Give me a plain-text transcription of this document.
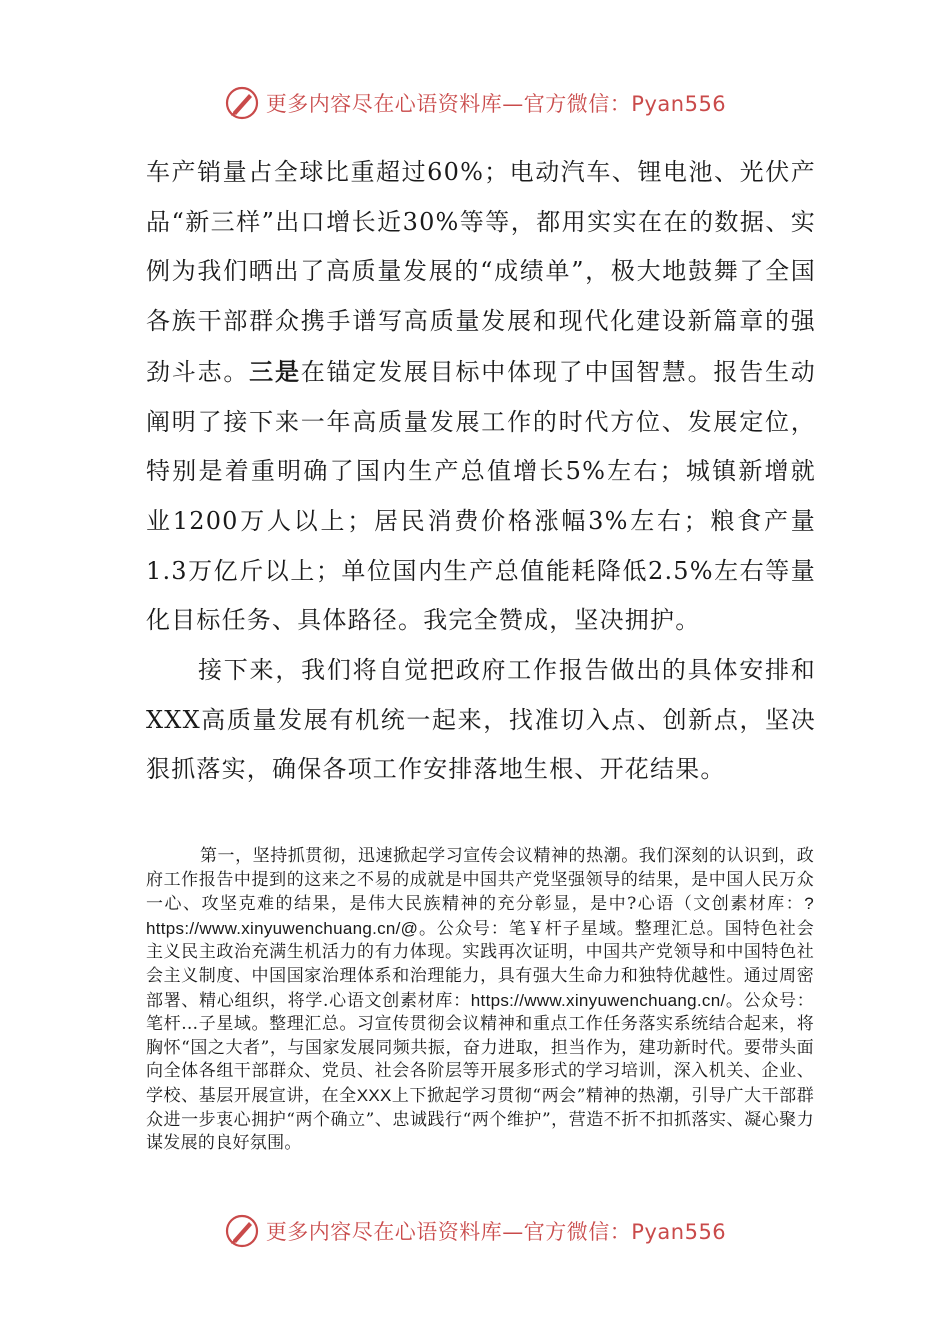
更多内容尽在心语资料库—官方微信：Pyan556

车产销量占全球比重超过60%；电动汽车、锂电池、光伏产品“新三样”出口增长近30%等等，都用实实在在的数据、实例为我们晒出了高质量发展的“成绩单”，极大地鼓舞了全国各族干部群众携手谱写高质量发展和现代化建设新篇章的强劲斗志。三是在锚定发展目标中体现了中国智慧。报告生动阐明了接下来一年高质量发展工作的时代方位、发展定位，特别是着重明确了国内生产总值增长5%左右；城镇新增就业1200万人以上；居民消费价格涨幅3%左右；粮食产量1.3万亿斤以上；单位国内生产总值能耗降低2.5%左右等量化目标任务、具体路径。我完全赞成，坚决拥护。

接下来，我们将自觉把政府工作报告做出的具体安排和XXX高质量发展有机统一起来，找准切入点、创新点，坚决狠抓落实，确保各项工作安排落地生根、开花结果。

第一，坚持抓贯彻，迅速掀起学习宣传会议精神的热潮。我们深刻的认识到，政府工作报告中提到的这来之不易的成就是中国共产党坚强领导的结果，是中国人民万众一心、攻坚克难的结果，是伟大民族精神的充分彰显，是中?心语（文创素材库：?https://www.xinyuwenchuang.cn/@。公众号：笔￥杆子星域。整理汇总。国特色社会主义民主政治充满生机活力的有力体现。实践再次证明，中国共产党领导和中国特色社会主义制度、中国国家治理体系和治理能力，具有强大生命力和独特优越性。通过周密部署、精心组织，将学.心语文创素材库：https://www.xinyuwenchuang.cn/。公众号：笔杆…子星域。整理汇总。习宣传贯彻会议精神和重点工作任务落实系统结合起来，将胸怀“国之大者”，与国家发展同频共振，奋力进取，担当作为，建功新时代。要带头面向全体各组干部群众、党员、社会各阶层等开展多形式的学习培训，深入机关、企业、学校、基层开展宣讲，在全XXX上下掀起学习贯彻“两会”精神的热潮，引导广大干部群众进一步衷心拥护“两个确立”、忠诚践行“两个维护”，营造不折不扣抓落实、凝心聚力谋发展的良好氛围。

更多内容尽在心语资料库—官方微信：Pyan556
